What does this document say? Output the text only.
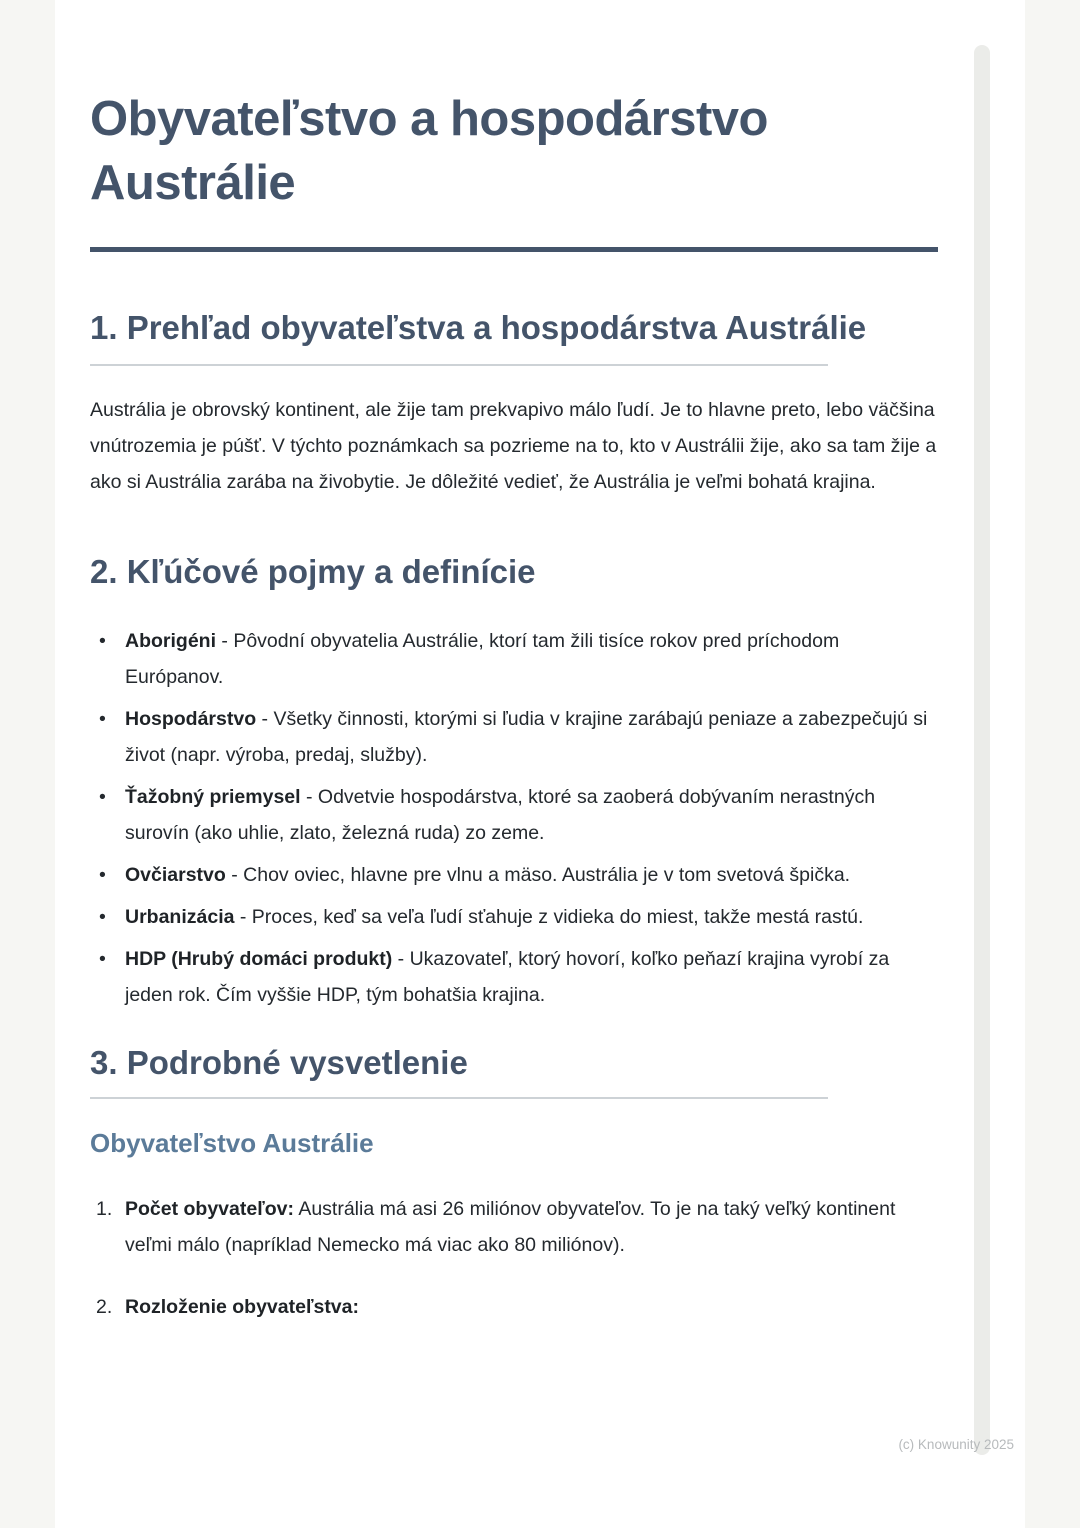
Obyvateľstvo a hospodárstvo Austrálie
1. Prehľad obyvateľstva a hospodárstva Austrálie

Austrália je obrovský kontinent, ale žije tam prekvapivo málo ľudí. Je to hlavne preto, lebo väčšina vnútrozemia je púšť. V týchto poznámkach sa pozrieme na to, kto v Austrálii žije, ako sa tam žije a ako si Austrália zarába na živobytie. Je dôležité vedieť, že Austrália je veľmi bohatá krajina.

2. Kľúčové pojmy a definície
• Aborigéni - Pôvodní obyvatelia Austrálie, ktorí tam žili tisíce rokov pred príchodom Európanov.
• Hospodárstvo - Všetky činnosti, ktorými si ľudia v krajine zarábajú peniaze a zabezpečujú si život (napr. výroba, predaj, služby).
• Ťažobný priemysel - Odvetvie hospodárstva, ktoré sa zaoberá dobývaním nerastných surovín (ako uhlie, zlato, železná ruda) zo zeme.
• Ovčiarstvo - Chov oviec, hlavne pre vlnu a mäso. Austrália je v tom svetová špička.
• Urbanizácia - Proces, keď sa veľa ľudí sťahuje z vidieka do miest, takže mestá rastú.
• HDP (Hrubý domáci produkt) - Ukazovateľ, ktorý hovorí, koľko peňazí krajina vyrobí za jeden rok. Čím vyššie HDP, tým bohatšia krajina.
3. Podrobné vysvetlenie
Obyvateľstvo Austrálie
1. Počet obyvateľov: Austrália má asi 26 miliónov obyvateľov. To je na taký veľký kontinent veľmi málo (napríklad Nemecko má viac ako 80 miliónov).
2. Rozloženie obyvateľstva:
(c) Knowunity 2025
